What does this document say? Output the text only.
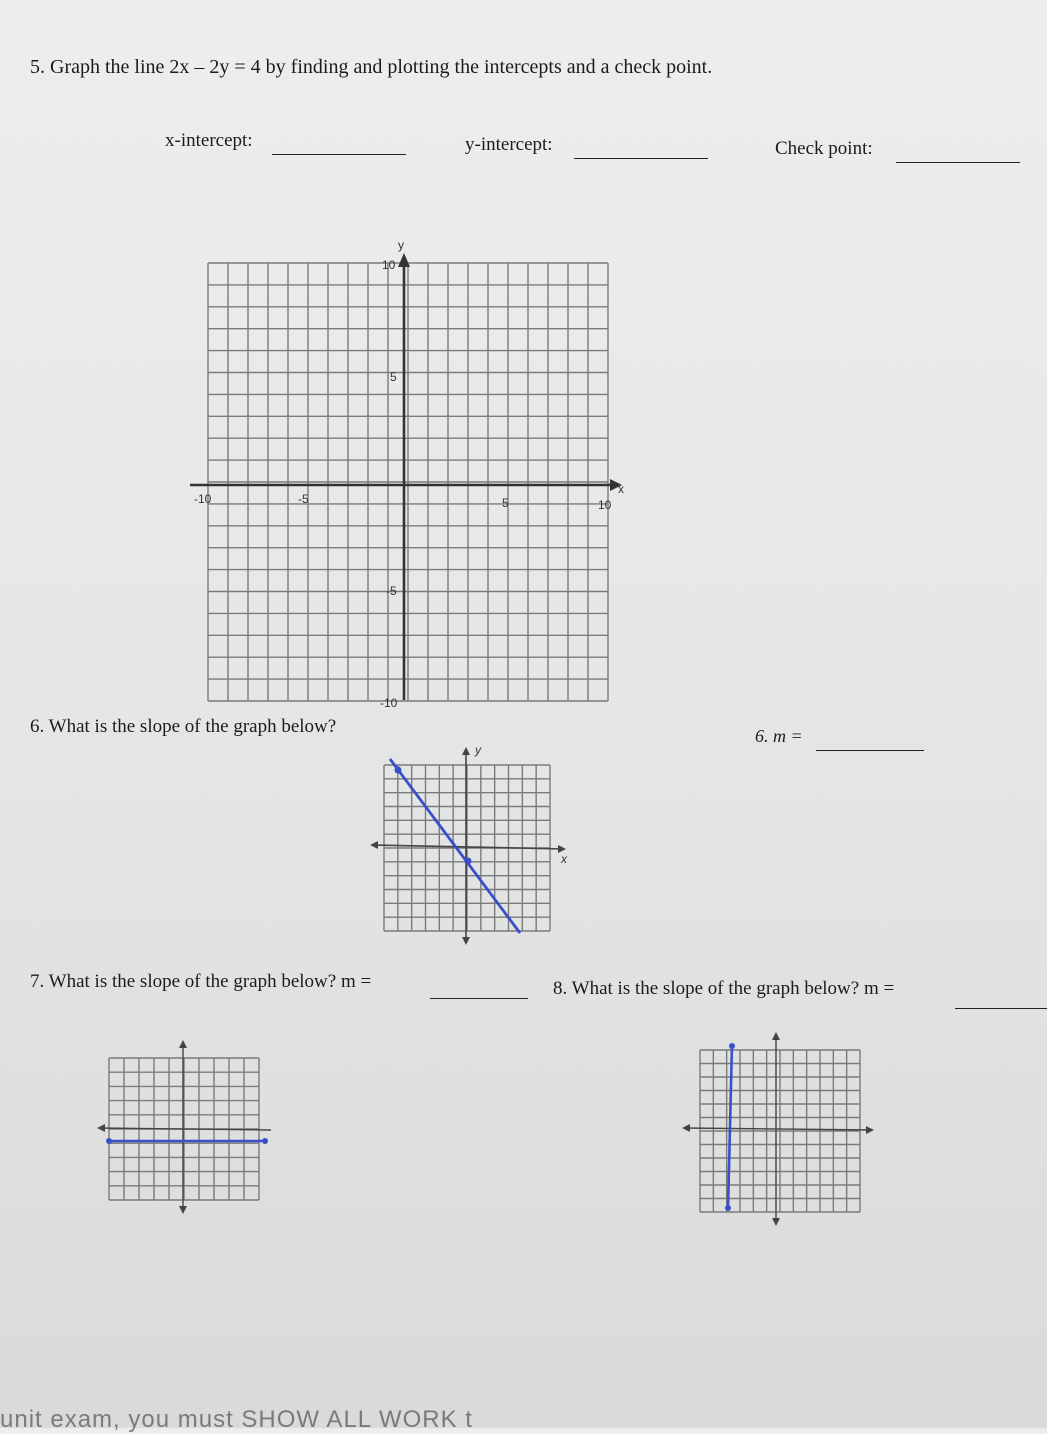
5. Graph the line 2x – 2y = 4 by finding and plotting the intercepts and a check point.
x-intercept:	y-intercept:	Check point:
x
y
-10	-5	5	10
10
5
-5
-10
6. What is the slope of the graph below?	6. m =
y
x
7. What is the slope of the graph below? m =	8. What is the slope of the graph below? m =
unit exam, you must SHOW ALL WORK t
